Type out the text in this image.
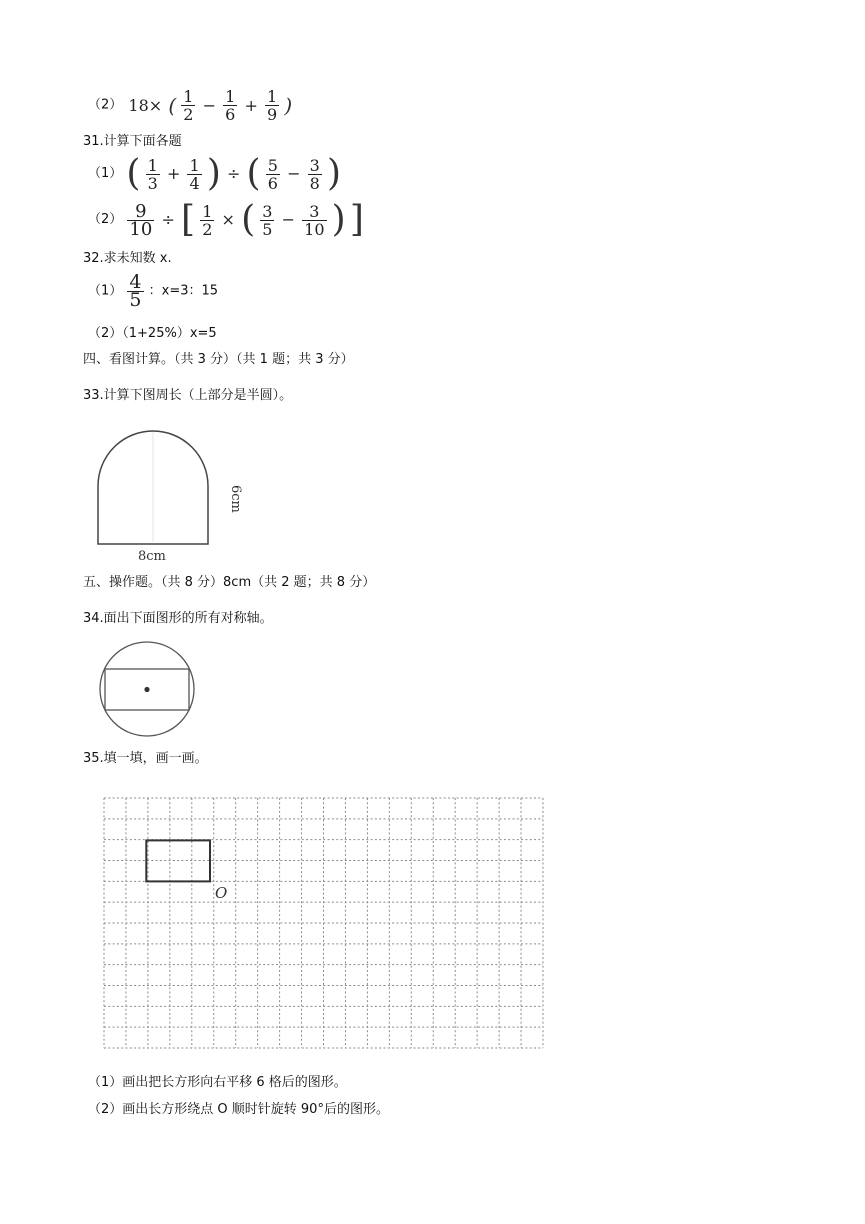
（2） 18× ( $\frac{1}{2} - \frac{1}{6} + \frac{1}{9}$ )
31.计算下面各题
（1） ( $\frac{1}{3} + \frac{1}{4}$ ) ÷ ( $\frac{5}{6} - \frac{3}{8}$ )
$(2) \frac{9}{10}$ ÷ [ $\frac{1}{2}$ × ( $\frac{3}{5} - \frac{3}{10}$ ) ]
32.求未知数 x.
$(1) \frac{4}{5}$ ：x=3：15
（2）（1+25%）x=5
四、看图计算。（共 3 分）（共 1 题；共 3 分）
33.计算下图周长（上部分是半圆）。
6cm
8cm
五、操作题。（共 8 分）8cm（共 2 题；共 8 分）
34.面出下面图形的所有对称轴。
35.填一填，画一画。
O
（1）画出把长方形向右平移 6 格后的图形。
（2）画出长方形绕点 O 顺时针旋转 90°后的图形。
